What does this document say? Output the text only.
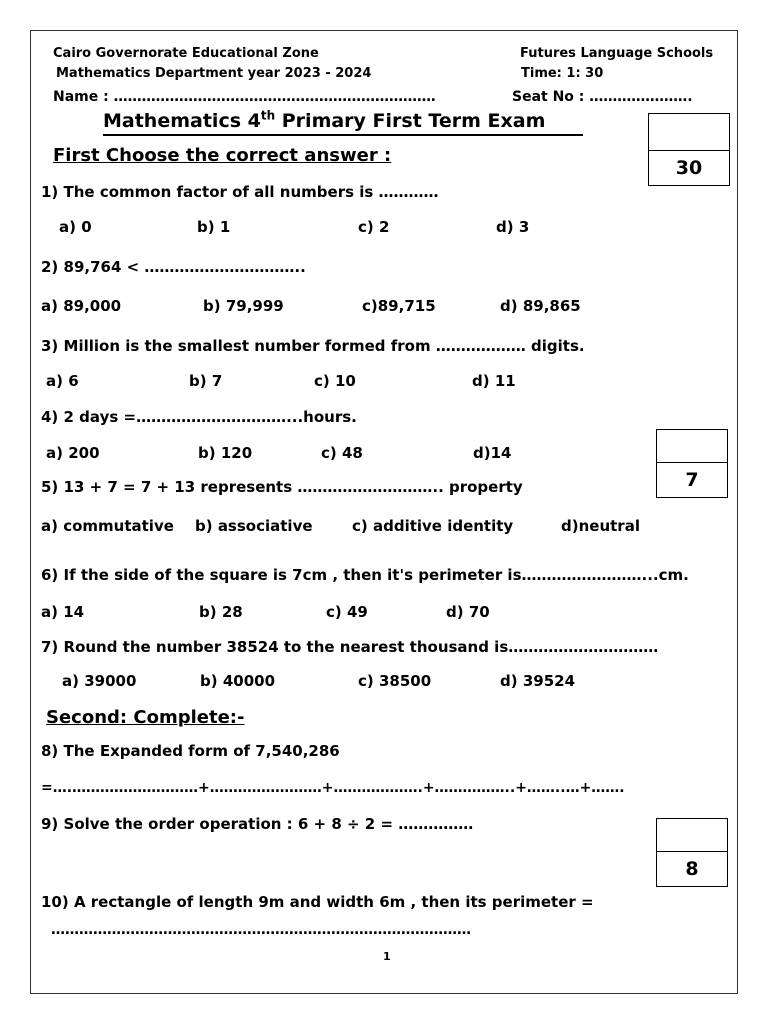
Cairo Governorate Educational Zone
Mathematics Department year 2023 - 2024
Futures Language Schools
Time: 1: 30
Name : ……………………………………………………………	Seat No : ………………….
Mathematics 4th Primary First Term Exam
30
7
8
First Choose the correct answer :
1) The common factor of all numbers is …………
a) 0	b) 1	c) 2	d) 3
2) 89,764 < …………………………..
a) 89,000	b) 79,999	c)89,715	d) 89,865
3) Million is the smallest number formed from ……………… digits.
a) 6	b) 7	c) 10	d) 11
4) 2 days =…………………………...hours.
a) 200	b) 120	c) 48	d)14
5) 13 + 7 = 7 + 13 represents ……………………….. property
a) commutative b) associative	c) additive identity	d)neutral
6) If the side of the square is 7cm , then it's perimeter is……………………...cm.
a) 14	b) 28	c) 49	d) 70
7) Round the number 38524 to the nearest thousand is…………………………
a) 39000	b) 40000	c) 38500	d) 39524
Second: Complete:-
8) The Expanded form of 7,540,286
=….………………………+……………………+……………….+……………..+……..…+…….
9) Solve the order operation : 6 + 8 ÷ 2 = ……………
10) A rectangle of length 9m and width 6m , then its perimeter =
………………………………………………………………………………
1
